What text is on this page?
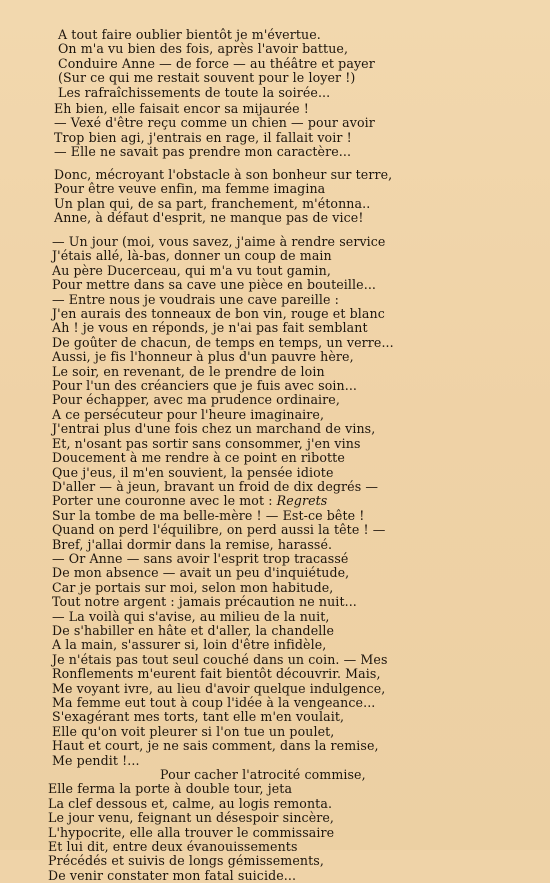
A tout faire oublier bientôt je m'évertue.
On m'a vu bien des fois, après l'avoir battue,
Conduire Anne — de force — au théâtre et payer
(Sur ce qui me restait souvent pour le loyer !)
Les rafraîchissements de toute la soirée...
Eh bien, elle faisait encor sa mijaurée !
— Vexé d'être reçu comme un chien — pour avoir
Trop bien agi, j'entrais en rage, il fallait voir !
— Elle ne savait pas prendre mon caractère...
Donc, mécroyant l'obstacle à son bonheur sur terre,
Pour être veuve enfin, ma femme imagina
Un plan qui, de sa part, franchement, m'étonna..
Anne, à défaut d'esprit, ne manque pas de vice!
— Un jour (moi, vous savez, j'aime à rendre service
J'étais allé, là-bas, donner un coup de main
Au père Ducerceau, qui m'a vu tout gamin,
Pour mettre dans sa cave une pièce en bouteille...
— Entre nous je voudrais une cave pareille :
J'en aurais des tonneaux de bon vin, rouge et blanc
Ah ! je vous en réponds, je n'ai pas fait semblant
De goûter de chacun, de temps en temps, un verre...
Aussi, je fis l'honneur à plus d'un pauvre hère,
Le soir, en revenant, de le prendre de loin
Pour l'un des créanciers que je fuis avec soin...
Pour échapper, avec ma prudence ordinaire,
A ce persécuteur pour l'heure imaginaire,
J'entrai plus d'une fois chez un marchand de vins,
Et, n'osant pas sortir sans consommer, j'en vins
Doucement à me rendre à ce point en ribotte
Que j'eus, il m'en souvient, la pensée idiote
D'aller — à jeun, bravant un froid de dix degrés —
Porter une couronne avec le mot : Regrets
Sur la tombe de ma belle-mère ! — Est-ce bête !
Quand on perd l'équilibre, on perd aussi la tête ! —
Bref, j'allai dormir dans la remise, harassé.
— Or Anne — sans avoir l'esprit trop tracassé
De mon absence — avait un peu d'inquiétude,
Car je portais sur moi, selon mon habitude,
Tout notre argent : jamais précaution ne nuit...
— La voilà qui s'avise, au milieu de la nuit,
De s'habiller en hâte et d'aller, la chandelle
A la main, s'assurer si, loin d'être infidèle,
Je n'étais pas tout seul couché dans un coin. — Mes
Ronflements m'eurent fait bientôt découvrir. Mais,
Me voyant ivre, au lieu d'avoir quelque indulgence,
Ma femme eut tout à coup l'idée à la vengeance...
S'exagérant mes torts, tant elle m'en voulait,
Elle qu'on voit pleurer si l'on tue un poulet,
Haut et court, je ne sais comment, dans la remise,
Me pendit !...
Pour cacher l'atrocité commise,
Elle ferma la porte à double tour, jeta
La clef dessous et, calme, au logis remonta.
Le jour venu, feignant un désespoir sincère,
L'hypocrite, elle alla trouver le commissaire
Et lui dit, entre deux évanouissements
Précédés et suivis de longs gémissements,
De venir constater mon fatal suicide...
